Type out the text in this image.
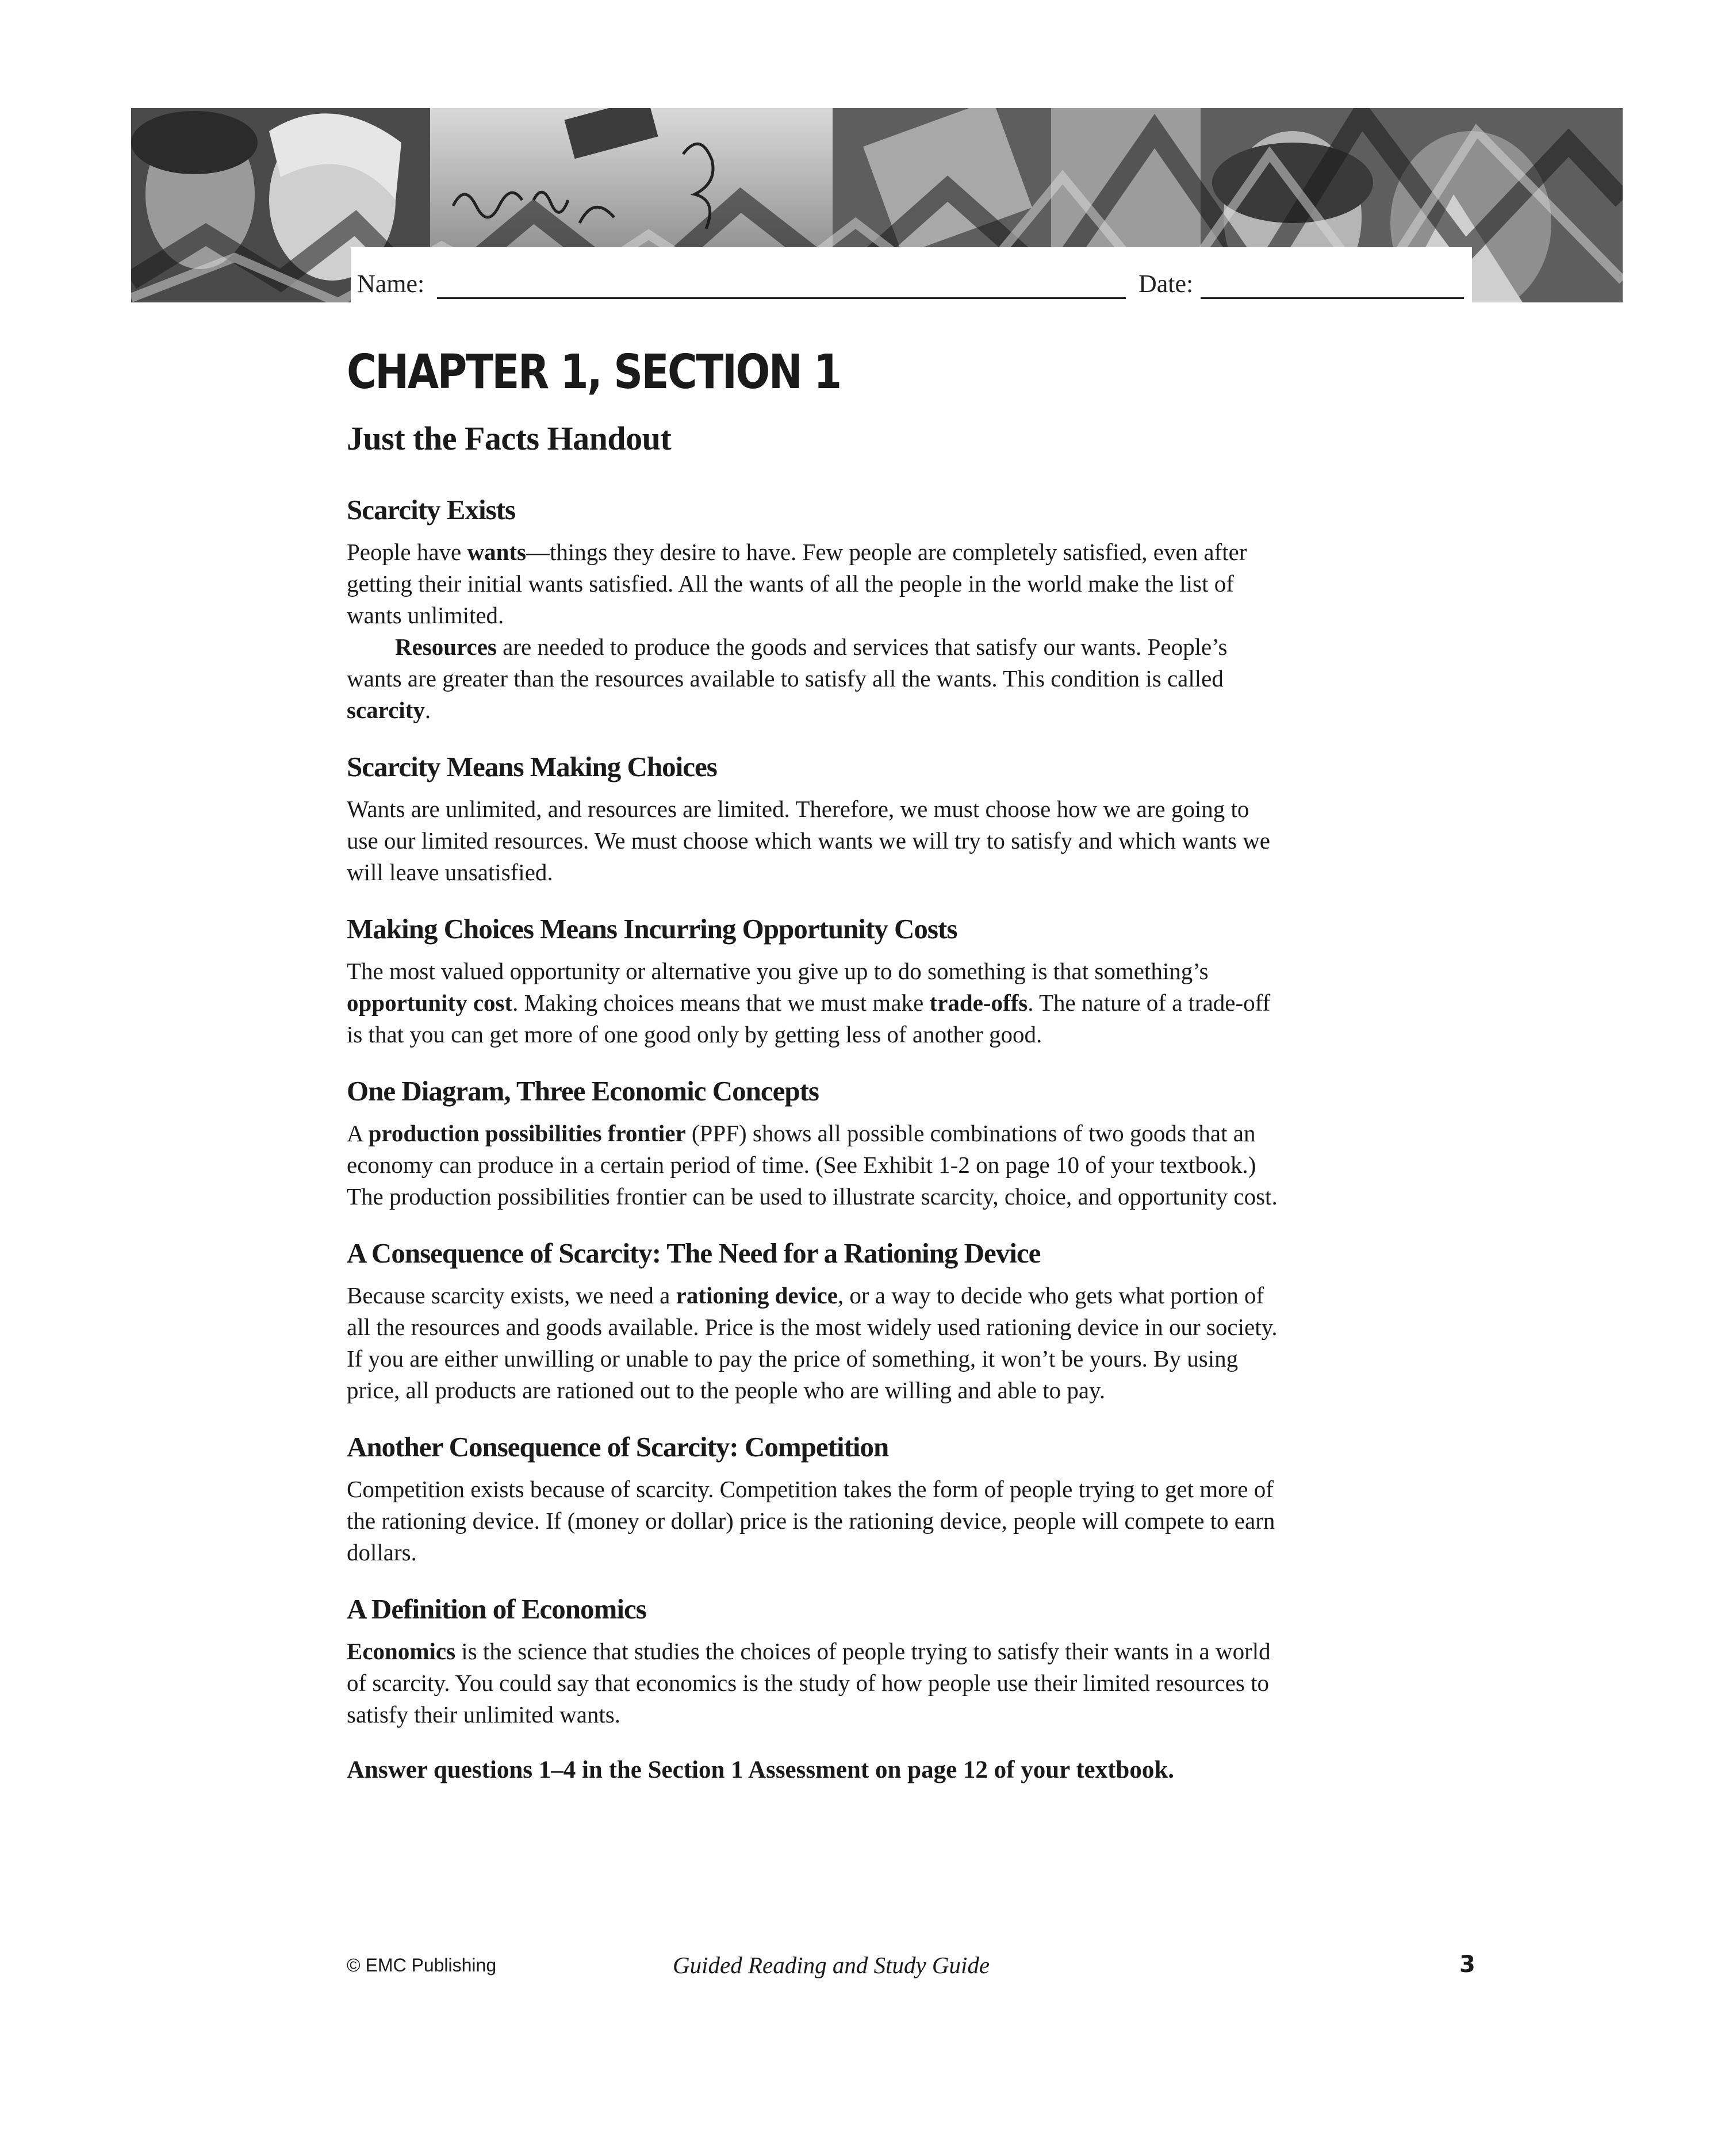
Name:	Date:
CHAPTER 1, SECTION 1
Just the Facts Handout
Scarcity Exists

People have wants—things they desire to have. Few people are completely satisfied, even after getting their initial wants satisfied. All the wants of all the people in the world make the list of wants unlimited.

Resources are needed to produce the goods and services that satisfy our wants. People’s wants are greater than the resources available to satisfy all the wants. This condition is called scarcity.

Scarcity Means Making Choices

Wants are unlimited, and resources are limited. Therefore, we must choose how we are going to use our limited resources. We must choose which wants we will try to satisfy and which wants we will leave unsatisfied.

Making Choices Means Incurring Opportunity Costs

The most valued opportunity or alternative you give up to do something is that something’s opportunity cost. Making choices means that we must make trade-offs. The nature of a trade-off is that you can get more of one good only by getting less of another good.

One Diagram, Three Economic Concepts

A production possibilities frontier (PPF) shows all possible combinations of two goods that an economy can produce in a certain period of time. (See Exhibit 1-2 on page 10 of your textbook.) The production possibilities frontier can be used to illustrate scarcity, choice, and opportunity cost.

A Consequence of Scarcity: The Need for a Rationing Device

Because scarcity exists, we need a rationing device, or a way to decide who gets what portion of all the resources and goods available. Price is the most widely used rationing device in our society. If you are either unwilling or unable to pay the price of something, it won’t be yours. By using price, all products are rationed out to the people who are willing and able to pay.

Another Consequence of Scarcity: Competition

Competition exists because of scarcity. Competition takes the form of people trying to get more of the rationing device. If (money or dollar) price is the rationing device, people will compete to earn dollars.

A Definition of Economics

Economics is the science that studies the choices of people trying to satisfy their wants in a world of scarcity. You could say that economics is the study of how people use their limited resources to satisfy their unlimited wants.

Answer questions 1–4 in the Section 1 Assessment on page 12 of your textbook.
© EMC Publishing	Guided Reading and Study Guide	3
